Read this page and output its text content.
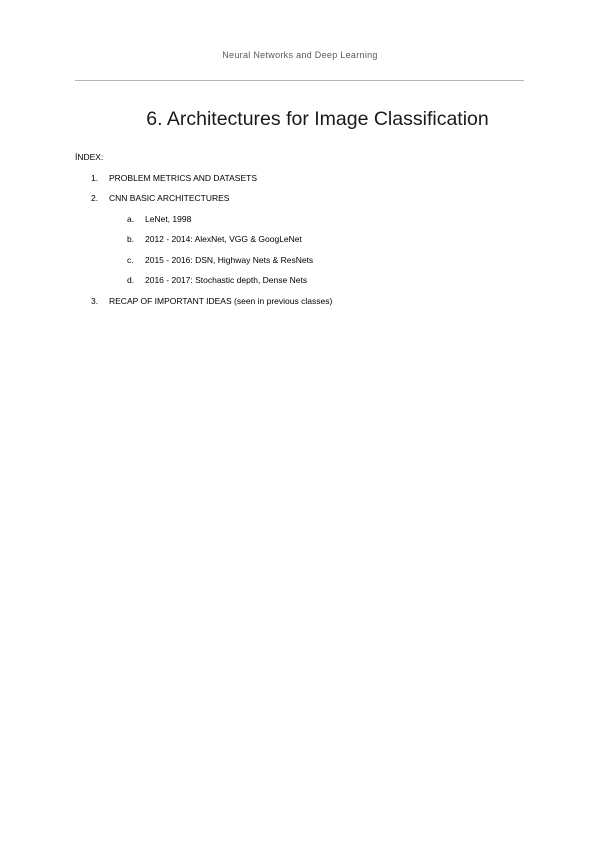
Neural Networks and Deep Learning
6. Architectures for Image Classification
ÍNDEX:
1. PROBLEM METRICS AND DATASETS
2. CNN BASIC ARCHITECTURES
a. LeNet, 1998
b. 2012 - 2014: AlexNet, VGG & GoogLeNet
c. 2015 - 2016: DSN, Highway Nets & ResNets
d. 2016 - 2017: Stochastic depth, Dense Nets
3. RECAP OF IMPORTANT IDEAS (seen in previous classes)
